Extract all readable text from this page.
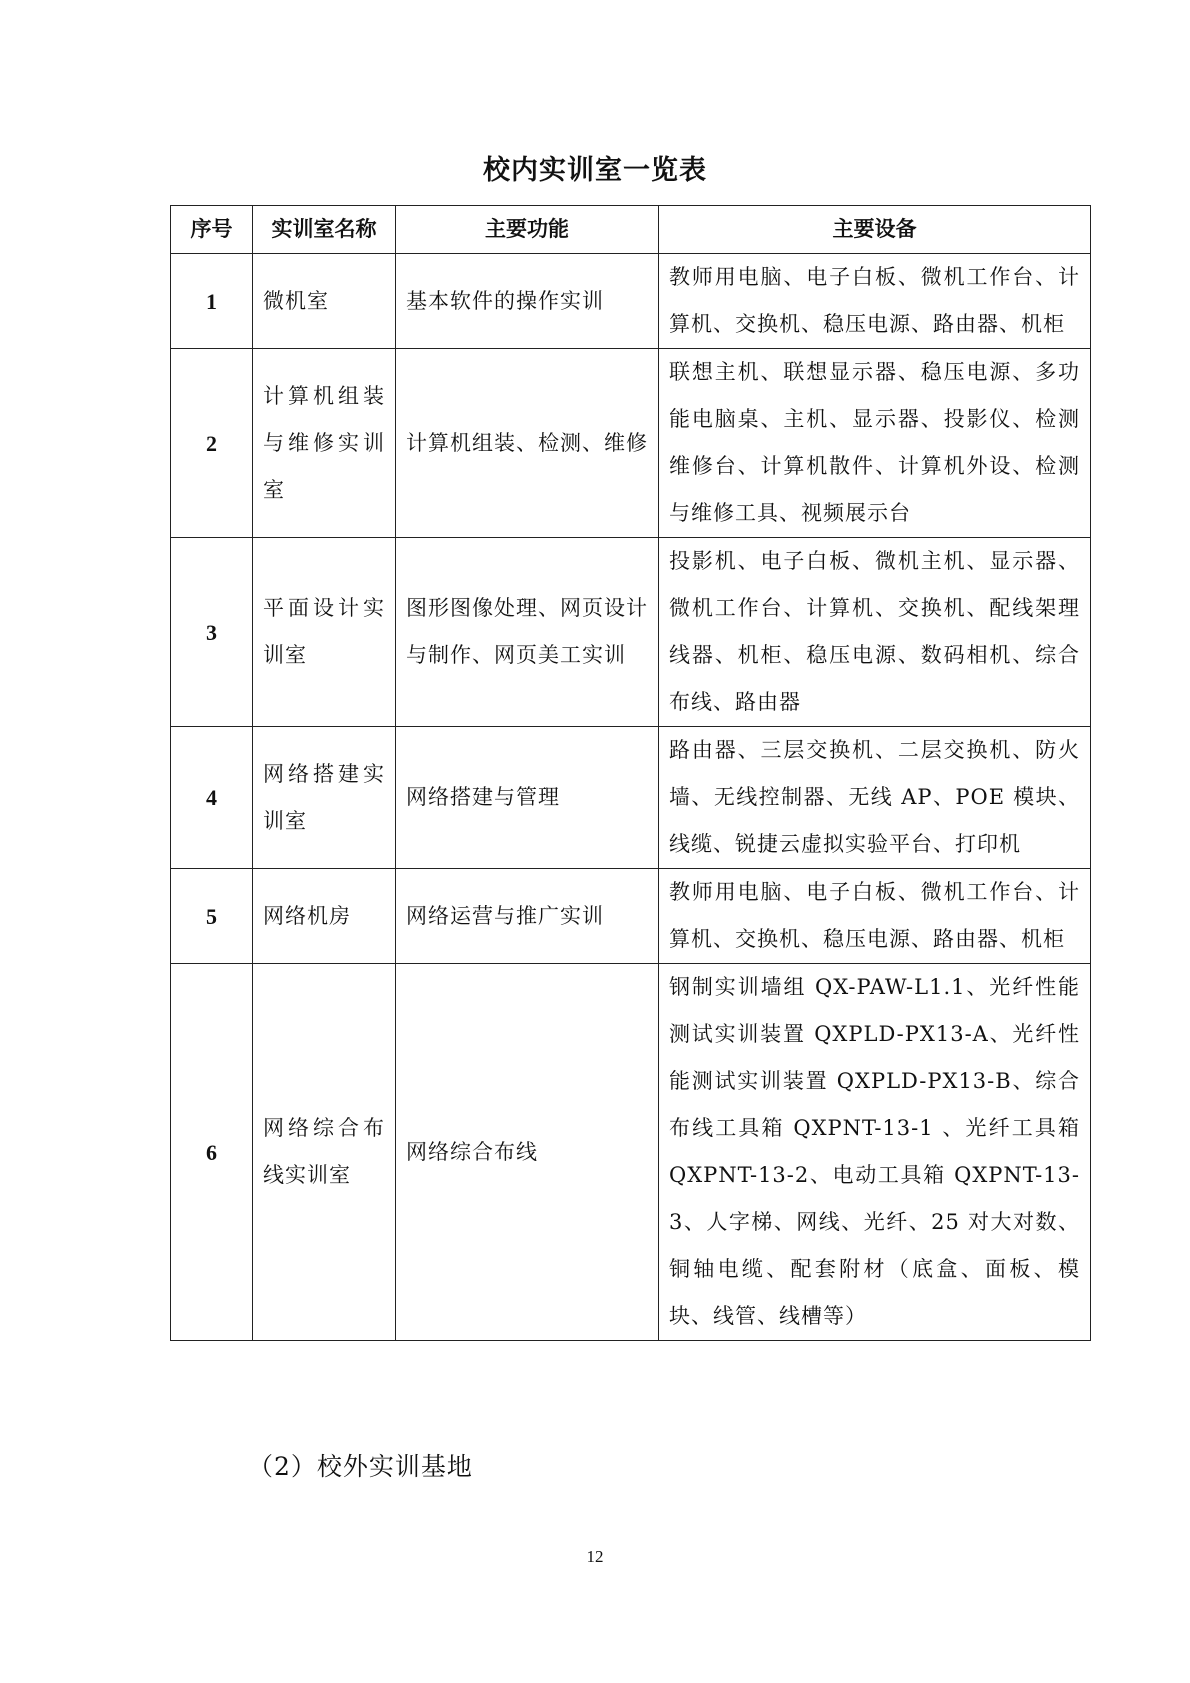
校内实训室一览表
序号	实训室名称	主要功能	主要设备
1	微机室	基本软件的操作实训	教师用电脑、电子白板、微机工作台、计算机、交换机、稳压电源、路由器、机柜
2	计算机组装与维修实训室	计算机组装、检测、维修	联想主机、联想显示器、稳压电源、多功能电脑桌、主机、显示器、投影仪、检测维修台、计算机散件、计算机外设、检测与维修工具、视频展示台
3	平面设计实训室	图形图像处理、网页设计与制作、网页美工实训	投影机、电子白板、微机主机、显示器、微机工作台、计算机、交换机、配线架理线器、机柜、稳压电源、数码相机、综合布线、路由器
4	网络搭建实训室	网络搭建与管理	路由器、三层交换机、二层交换机、防火墙、无线控制器、无线 AP、POE 模块、线缆、锐捷云虚拟实验平台、打印机
5	网络机房	网络运营与推广实训	教师用电脑、电子白板、微机工作台、计算机、交换机、稳压电源、路由器、机柜
6	网络综合布线实训室	网络综合布线	钢制实训墙组 QX-PAW-L1.1、光纤性能测试实训装置 QXPLD-PX13-A、光纤性能测试实训装置 QXPLD-PX13-B、综合布线工具箱 QXPNT-13-1 、光纤工具箱 QXPNT-13-2、电动工具箱 QXPNT-13-3、人字梯、网线、光纤、25 对大对数、铜轴电缆、配套附材（底盒、面板、模块、线管、线槽等）
（2）校外实训基地
12
